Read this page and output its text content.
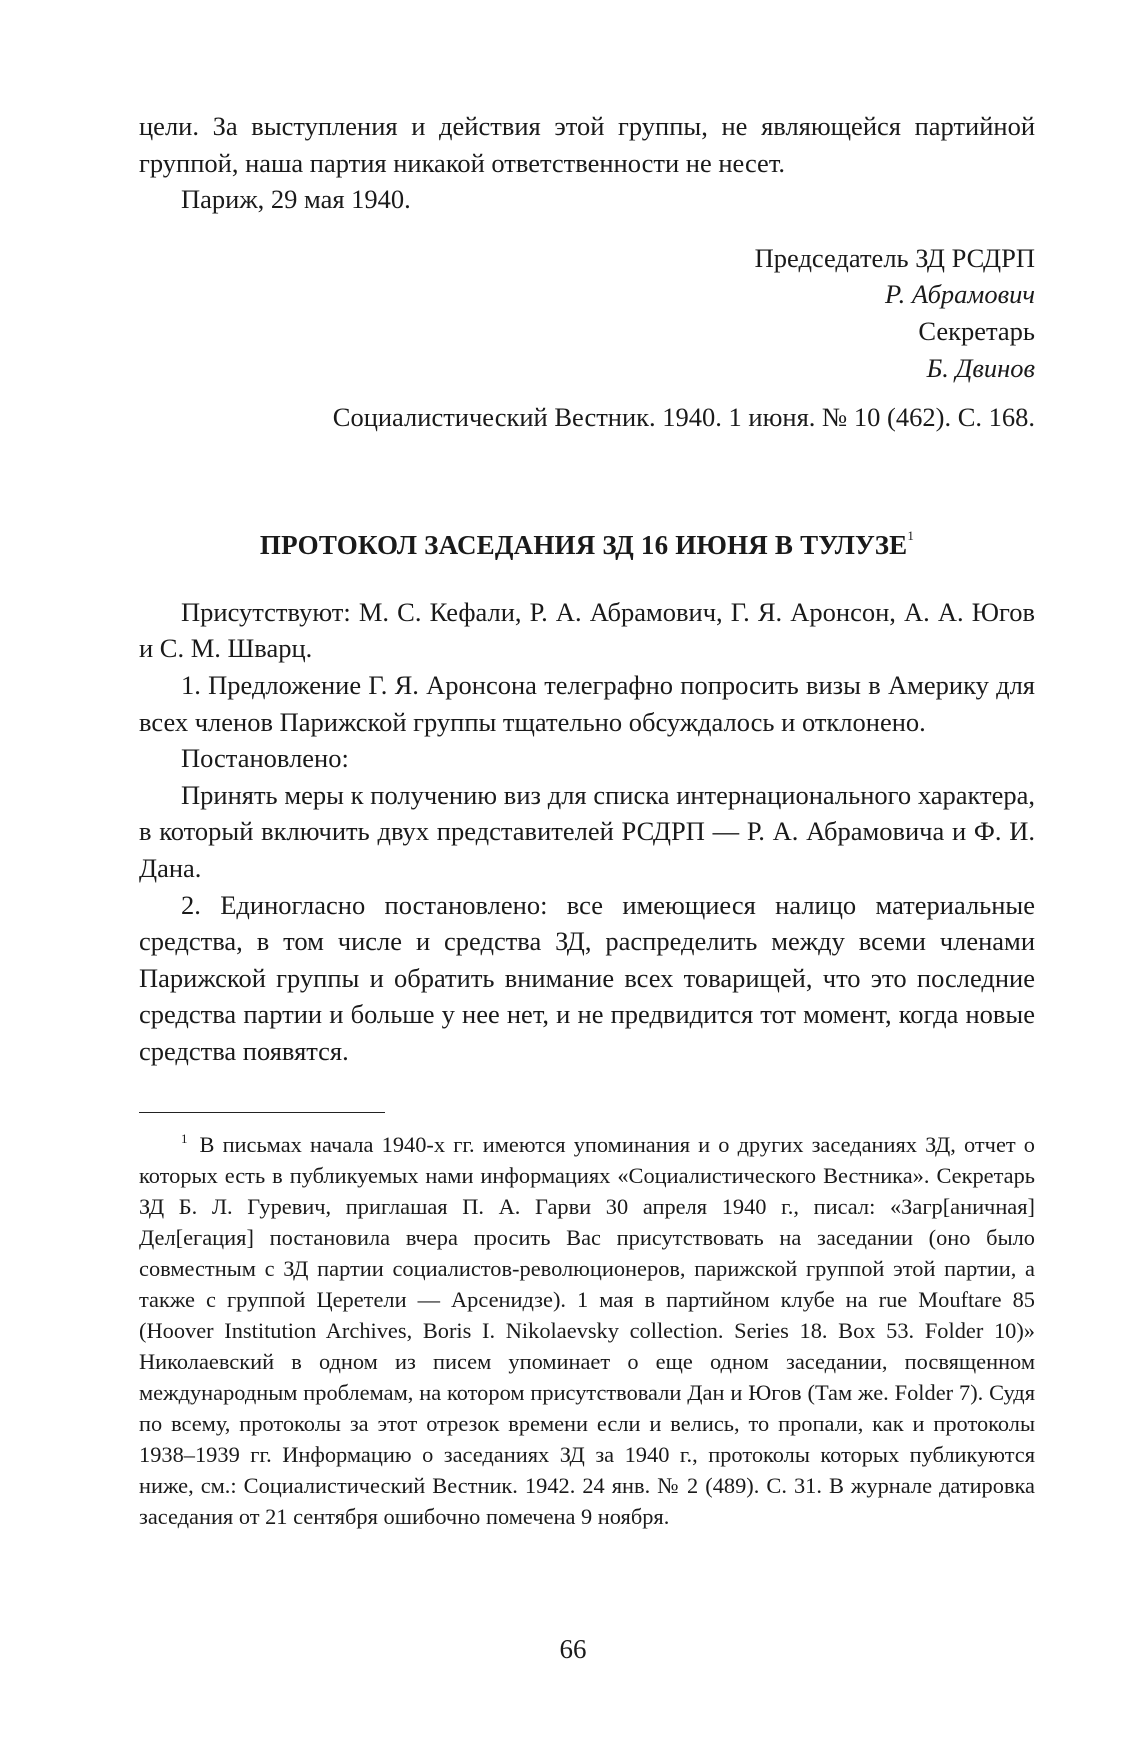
цели. За выступления и действия этой группы, не являющейся партийной группой, наша партия никакой ответственности не несет.

Париж, 29 мая 1940.

Председатель ЗД РСДРП

Р. Абрамович

Секретарь

Б. Двинов

Социалистический Вестник. 1940. 1 июня. № 10 (462). С. 168.

ПРОТОКОЛ ЗАСЕДАНИЯ ЗД 16 ИЮНЯ В ТУЛУЗЕ$^1$

Присутствуют: М. С. Кефали, Р. А. Абрамович, Г. Я. Аронсон, А. А. Югов и С. М. Шварц.

1. Предложение Г. Я. Аронсона телеграфно попросить визы в Америку для всех членов Парижской группы тщательно обсуждалось и отклонено.

Постановлено:

Принять меры к получению виз для списка интернационального характера, в который включить двух представителей РСДРП — Р. А. Абрамовича и Ф. И. Дана.

2. Единогласно постановлено: все имеющиеся налицо материальные средства, в том числе и средства ЗД, распределить между всеми членами Парижской группы и обратить внимание всех товарищей, что это последние средства партии и больше у нее нет, и не предвидится тот момент, когда новые средства появятся.

$^1$ В письмах начала 1940-х гг. имеются упоминания и о других заседаниях ЗД, отчет о которых есть в публикуемых нами информациях «Социалистического Вестника». Секретарь ЗД Б. Л. Гуревич, приглашая П. А. Гарви 30 апреля 1940 г., писал: «Загр[аничная] Дел[егация] постановила вчера просить Вас присутствовать на заседании (оно было совместным с ЗД партии социалистов-революционеров, парижской группой этой партии, а также с группой Церетели — Арсенидзе). 1 мая в партийном клубе на rue Mouftare 85 (Hoover Institution Archives, Boris I. Nikolaevsky collection. Series 18. Box 53. Folder 10)» Николаевский в одном из писем упоминает о еще одном заседании, посвященном международным проблемам, на котором присутствовали Дан и Югов (Там же. Folder 7). Судя по всему, протоколы за этот отрезок времени если и велись, то пропали, как и протоколы 1938–1939 гг. Информацию о заседаниях ЗД за 1940 г., протоколы которых публикуются ниже, см.: Социалистический Вестник. 1942. 24 янв. № 2 (489). С. 31. В журнале датировка заседания от 21 сентября ошибочно помечена 9 ноября.

66
